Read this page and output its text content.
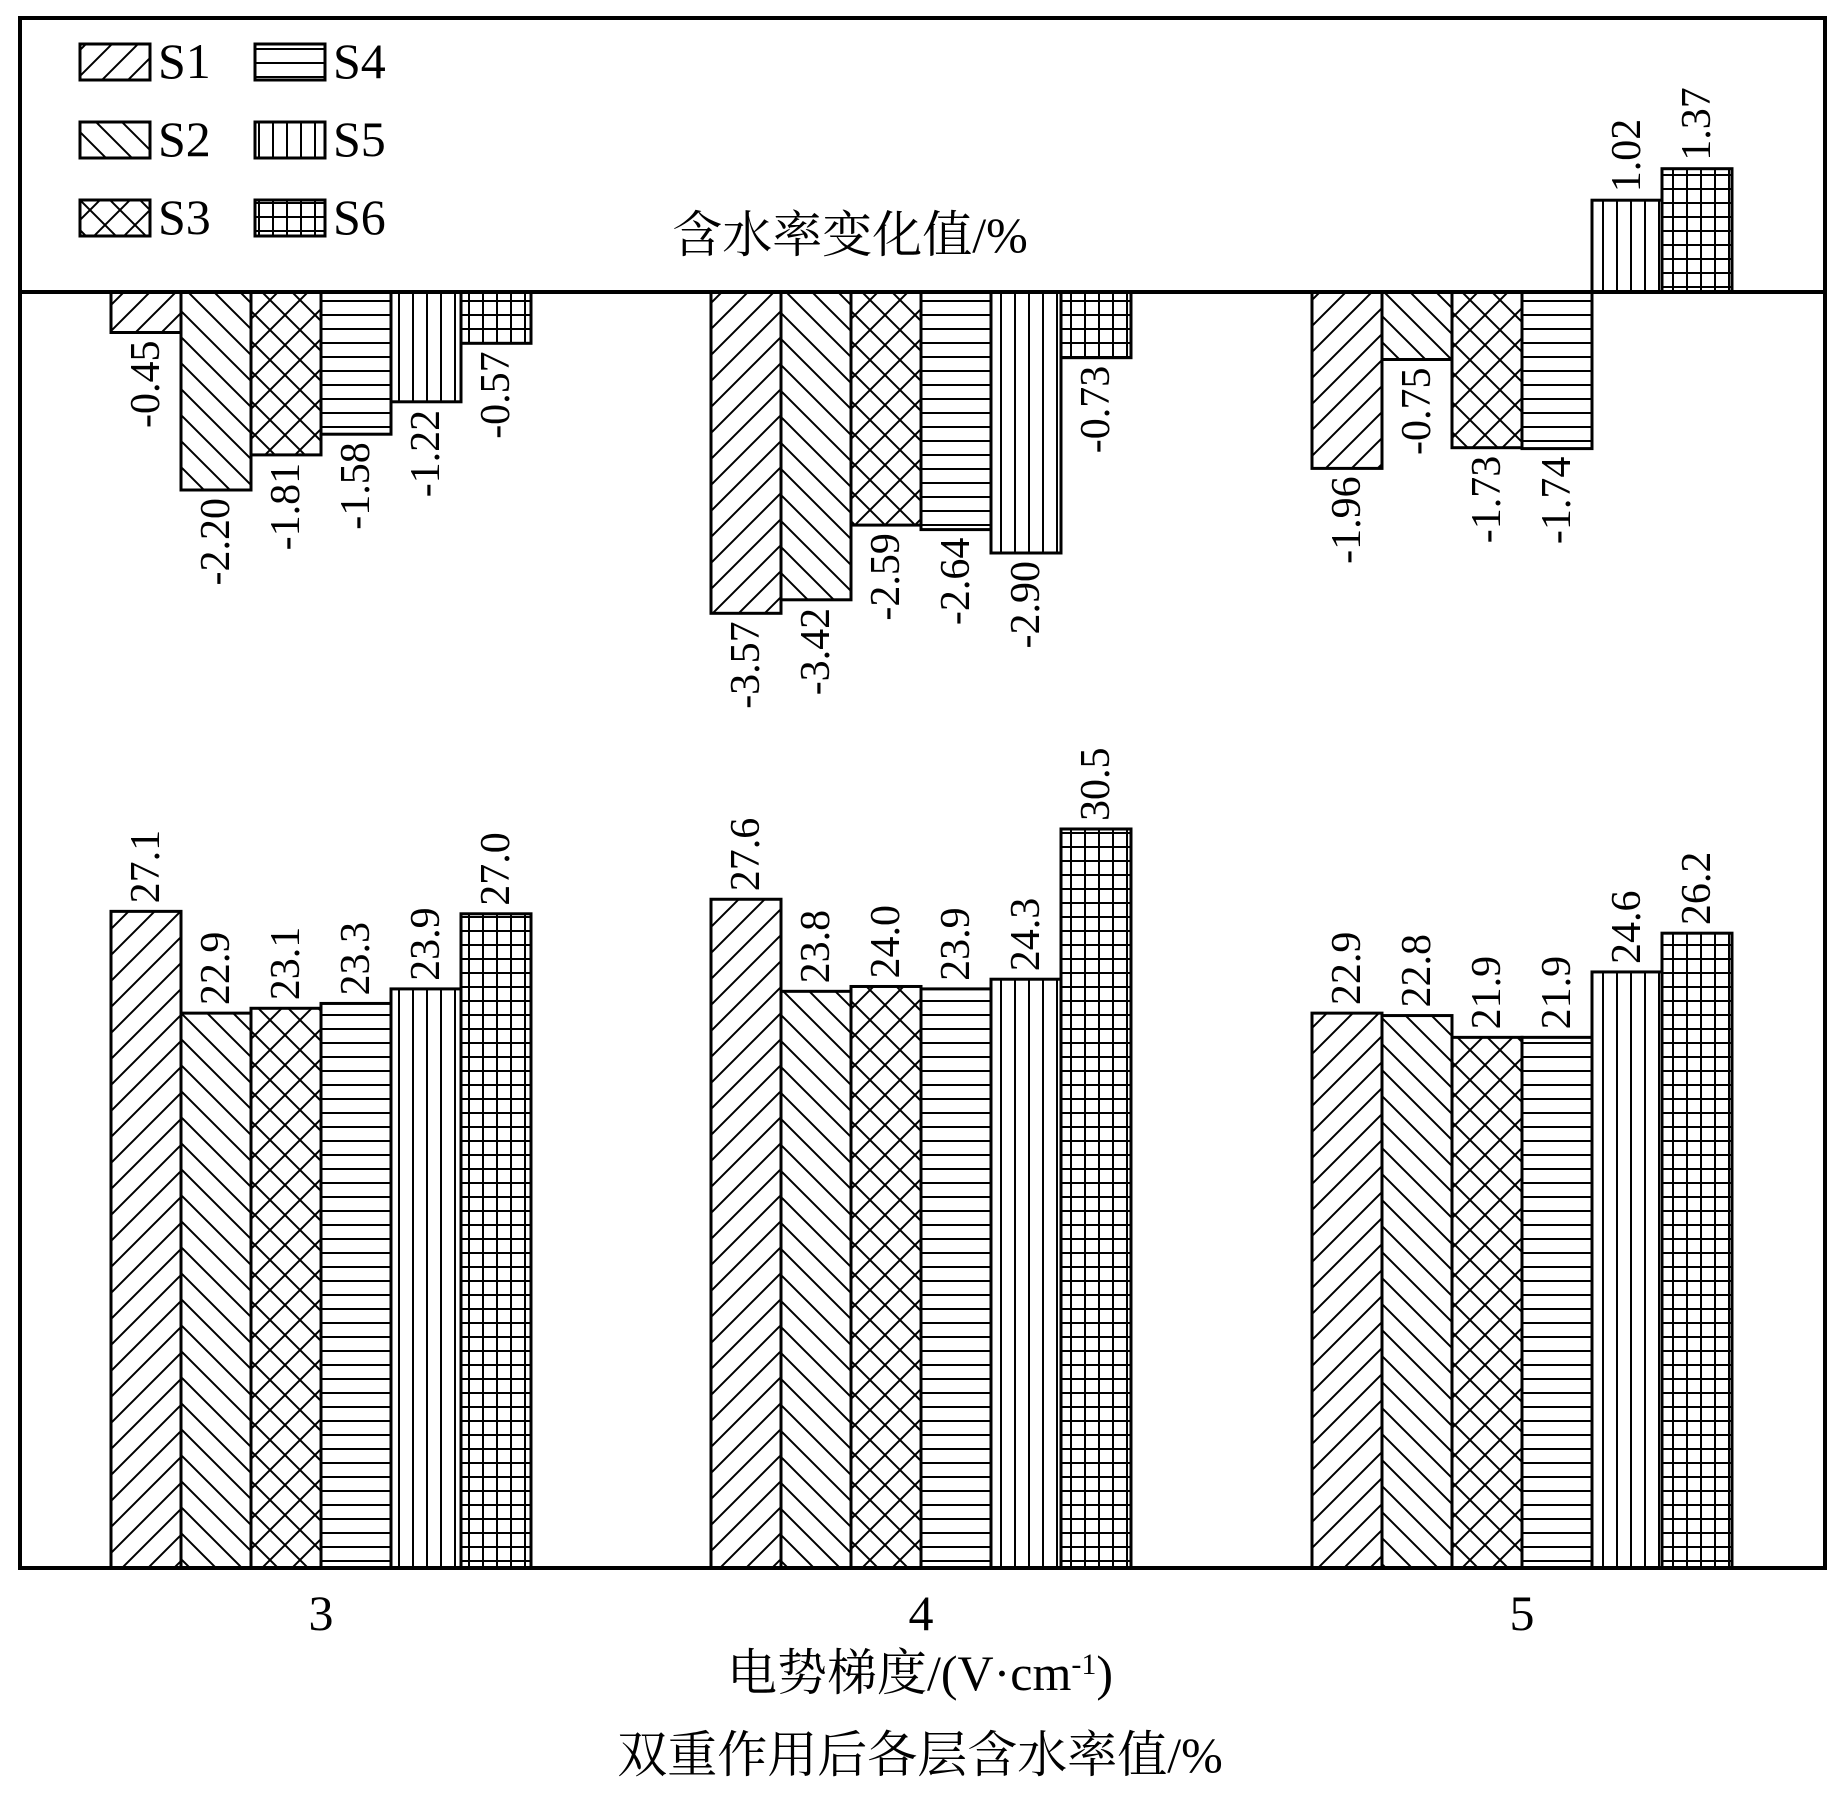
-0.45
-3.57
-1.96
-2.20
-3.42
-0.75
-1.81
-2.59
-1.73
-1.58
-2.64
-1.74
-1.22
-2.90
1.02
-0.57	-0.73
1.37
27.1	27.6
22.9
22.9	23.8	22.8
23.1	24.0
21.9
23.3	23.9
21.9
23.9	24.3	24.6
27.0
30.5
26.2
S1
S2
S3
S4
S5
S6	含水率变化值/%
3	4	5
电势梯度$/(V\cdot cm^{-1})$
双重作用后各层含水率值/%
